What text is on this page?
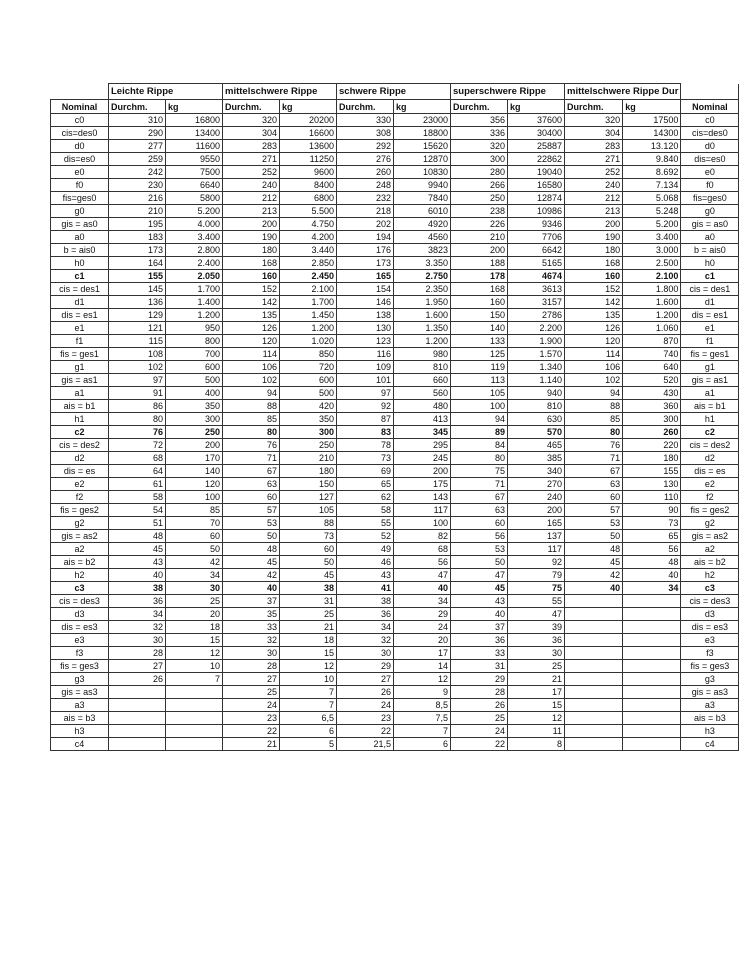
	Leichte Rippe		mittelschwere Rippe		schwere Rippe		superschwere Rippe		mittelschwere Rippe Dur		
Nominal	Durchm.	kg	Durchm.	kg	Durchm.	kg	Durchm.	kg	Durchm.	kg	Nominal
c0	310	16800	320	20200	330	23000	356	37600	320	17500	c0
cis=des0	290	13400	304	16600	308	18800	336	30400	304	14300	cis=des0
d0	277	11600	283	13600	292	15620	320	25887	283	13.120	d0
dis=es0	259	9550	271	11250	276	12870	300	22862	271	9.840	dis=es0
e0	242	7500	252	9600	260	10830	280	19040	252	8.692	e0
f0	230	6640	240	8400	248	9940	266	16580	240	7.134	f0
fis=ges0	216	5800	212	6800	232	7840	250	12874	212	5.068	fis=ges0
g0	210	5.200	213	5.500	218	6010	238	10986	213	5.248	g0
gis = as0	195	4.000	200	4.750	202	4920	226	9346	200	5.200	gis = as0
a0	183	3.400	190	4.200	194	4560	210	7706	190	3.400	a0
b = ais0	173	2.800	180	3.440	176	3823	200	6642	180	3.000	b = ais0
h0	164	2.400	168	2.850	173	3.350	188	5165	168	2.500	h0
c1	155	2.050	160	2.450	165	2.750	178	4674	160	2.100	c1
cis = des1	145	1.700	152	2.100	154	2.350	168	3613	152	1.800	cis = des1
d1	136	1.400	142	1.700	146	1.950	160	3157	142	1.600	d1
dis = es1	129	1.200	135	1.450	138	1.600	150	2786	135	1.200	dis = es1
e1	121	950	126	1.200	130	1.350	140	2.200	126	1.060	e1
f1	115	800	120	1.020	123	1.200	133	1.900	120	870	f1
fis = ges1	108	700	114	850	116	980	125	1.570	114	740	fis = ges1
g1	102	600	106	720	109	810	119	1.340	106	640	g1
gis = as1	97	500	102	600	101	660	113	1.140	102	520	gis = as1
a1	91	400	94	500	97	560	105	940	94	430	a1
ais = b1	86	350	88	420	92	480	100	810	88	360	ais = b1
h1	80	300	85	350	87	413	94	630	85	300	h1
c2	76	250	80	300	83	345	89	570	80	260	c2
cis = des2	72	200	76	250	78	295	84	465	76	220	cis = des2
d2	68	170	71	210	73	245	80	385	71	180	d2
dis = es	64	140	67	180	69	200	75	340	67	155	dis = es
e2	61	120	63	150	65	175	71	270	63	130	e2
f2	58	100	60	127	62	143	67	240	60	110	f2
fis = ges2	54	85	57	105	58	117	63	200	57	90	fis = ges2
g2	51	70	53	88	55	100	60	165	53	73	g2
gis = as2	48	60	50	73	52	82	56	137	50	65	gis = as2
a2	45	50	48	60	49	68	53	117	48	56	a2
ais = b2	43	42	45	50	46	56	50	92	45	48	ais = b2
h2	40	34	42	45	43	47	47	79	42	40	h2
c3	38	30	40	38	41	40	45	75	40	34	c3
cis = des3	36	25	37	31	38	34	43	55			cis = des3
d3	34	20	35	25	36	29	40	47			d3
dis = es3	32	18	33	21	34	24	37	39			dis = es3
e3	30	15	32	18	32	20	36	36			e3
f3	28	12	30	15	30	17	33	30			f3
fis = ges3	27	10	28	12	29	14	31	25			fis = ges3
g3	26	7	27	10	27	12	29	21			g3
gis = as3			25	7	26	9	28	17			gis = as3
a3			24	7	24	8,5	26	15			a3
ais = b3			23	6,5	23	7,5	25	12			ais = b3
h3			22	6	22	7	24	11			h3
c4			21	5	21,5	6	22	8			c4
